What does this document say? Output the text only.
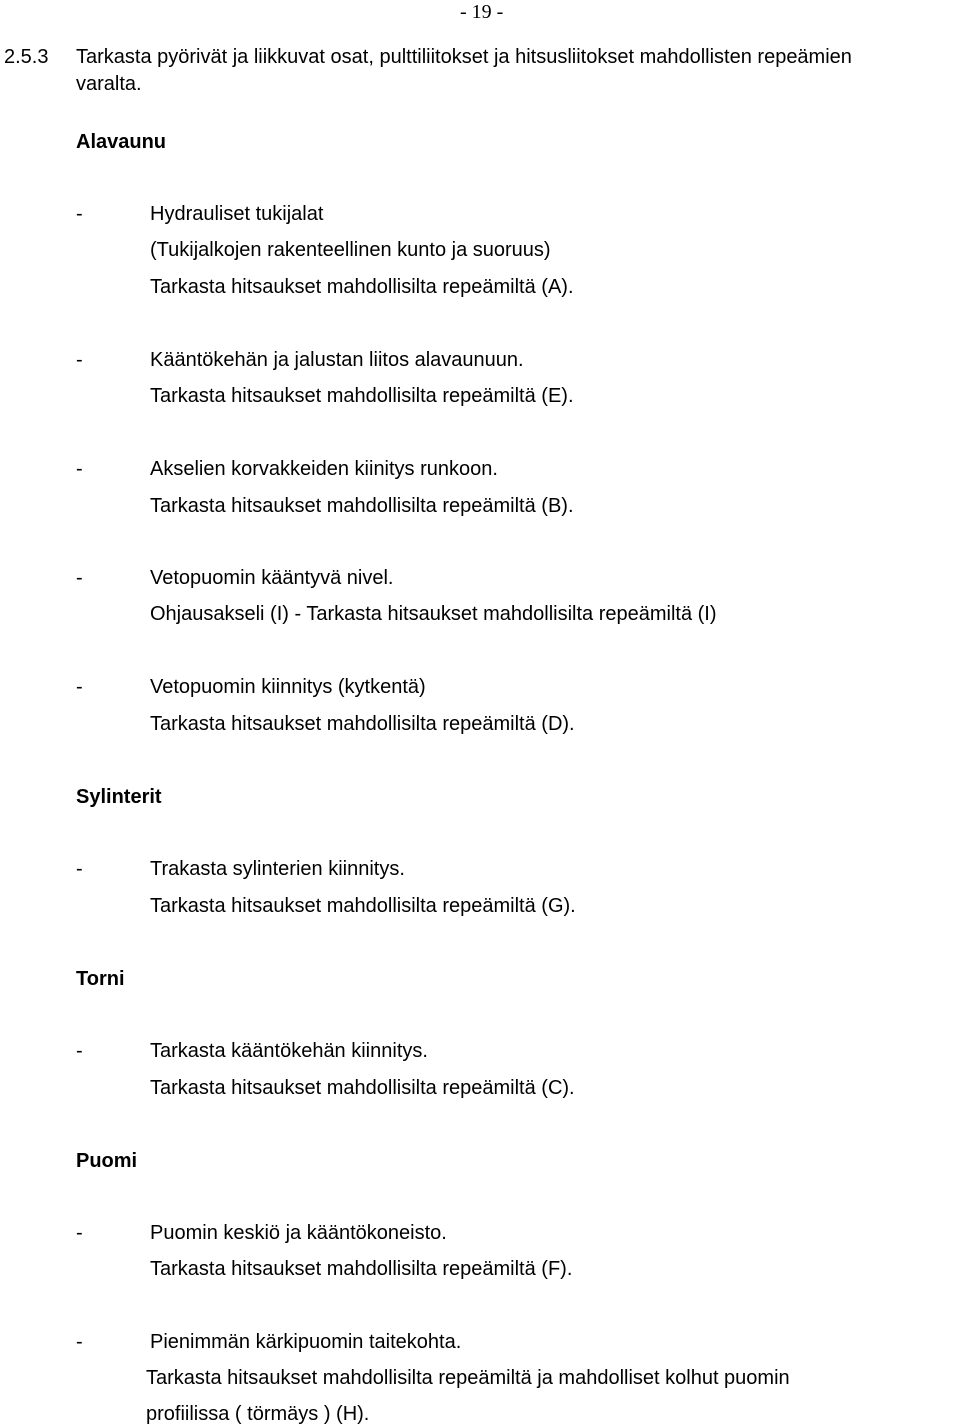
- 19 -
2.5.3 Tarkasta pyörivät ja liikkuvat osat, pulttiliitokset ja hitsusliitokset mahdollisten repeämien
varalta.
Alavaunu
-	Hydrauliset tukijalat
(Tukijalkojen rakenteellinen kunto ja suoruus)
Tarkasta hitsaukset mahdollisilta repeämiltä (A).
-	Kääntökehän ja jalustan liitos alavaunuun.
Tarkasta hitsaukset mahdollisilta repeämiltä (E).
-	Akselien korvakkeiden kiinitys runkoon.
Tarkasta hitsaukset mahdollisilta repeämiltä (B).
-	Vetopuomin kääntyvä nivel.
Ohjausakseli (I) - Tarkasta hitsaukset mahdollisilta repeämiltä (I)
-	Vetopuomin kiinnitys (kytkentä)
Tarkasta hitsaukset mahdollisilta repeämiltä (D).
Sylinterit
-	Trakasta sylinterien kiinnitys.
Tarkasta hitsaukset mahdollisilta repeämiltä (G).
Torni
-	Tarkasta kääntökehän kiinnitys.
Tarkasta hitsaukset mahdollisilta repeämiltä (C).
Puomi
-	Puomin keskiö ja kääntökoneisto.
Tarkasta hitsaukset mahdollisilta repeämiltä (F).
-	Pienimmän kärkipuomin taitekohta.
Tarkasta hitsaukset mahdollisilta repeämiltä ja mahdolliset kolhut puomin
profiilissa ( törmäys ) (H).
